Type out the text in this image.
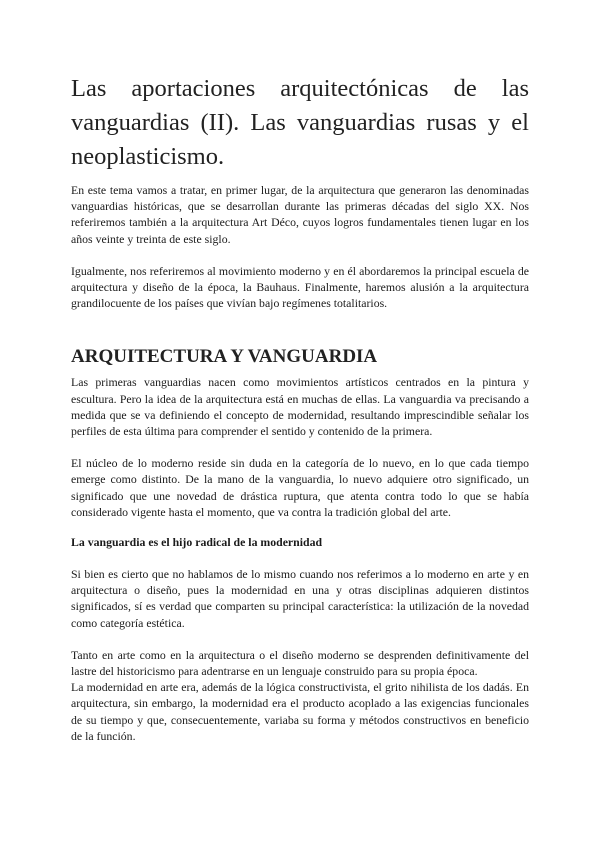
Las aportaciones arquitectónicas de las vanguardias (II). Las vanguardias rusas y el neoplasticismo.

En este tema vamos a tratar, en primer lugar, de la arquitectura que generaron las denominadas vanguardias históricas, que se desarrollan durante las primeras décadas del siglo XX. Nos referiremos también a la arquitectura Art Déco, cuyos logros fundamentales tienen lugar en los años veinte y treinta de este siglo.

Igualmente, nos referiremos al movimiento moderno y en él abordaremos la principal escuela de arquitectura y diseño de la época, la Bauhaus. Finalmente, haremos alusión a la arquitectura grandilocuente de los países que vivían bajo regímenes totalitarios.

ARQUITECTURA Y VANGUARDIA

Las primeras vanguardias nacen como movimientos artísticos centrados en la pintura y escultura. Pero la idea de la arquitectura está en muchas de ellas. La vanguardia va precisando a medida que se va definiendo el concepto de modernidad, resultando imprescindible señalar los perfiles de esta última para comprender el sentido y contenido de la primera.

El núcleo de lo moderno reside sin duda en la categoría de lo nuevo, en lo que cada tiempo emerge como distinto. De la mano de la vanguardia, lo nuevo adquiere otro significado, un significado que une novedad de drástica ruptura, que atenta contra todo lo que se había considerado vigente hasta el momento, que va contra la tradición global del arte.

La vanguardia es el hijo radical de la modernidad

Si bien es cierto que no hablamos de lo mismo cuando nos referimos a lo moderno en arte y en arquitectura o diseño, pues la modernidad en una y otras disciplinas adquieren distintos significados, sí es verdad que comparten su principal característica: la utilización de la novedad como categoría estética.

Tanto en arte como en la arquitectura o el diseño moderno se desprenden definitivamente del lastre del historicismo para adentrarse en un lenguaje construido para su propia época.

La modernidad en arte era, además de la lógica constructivista, el grito nihilista de los dadás. En arquitectura, sin embargo, la modernidad era el producto acoplado a las exigencias funcionales de su tiempo y que, consecuentemente, variaba su forma y métodos constructivos en beneficio de la función.
